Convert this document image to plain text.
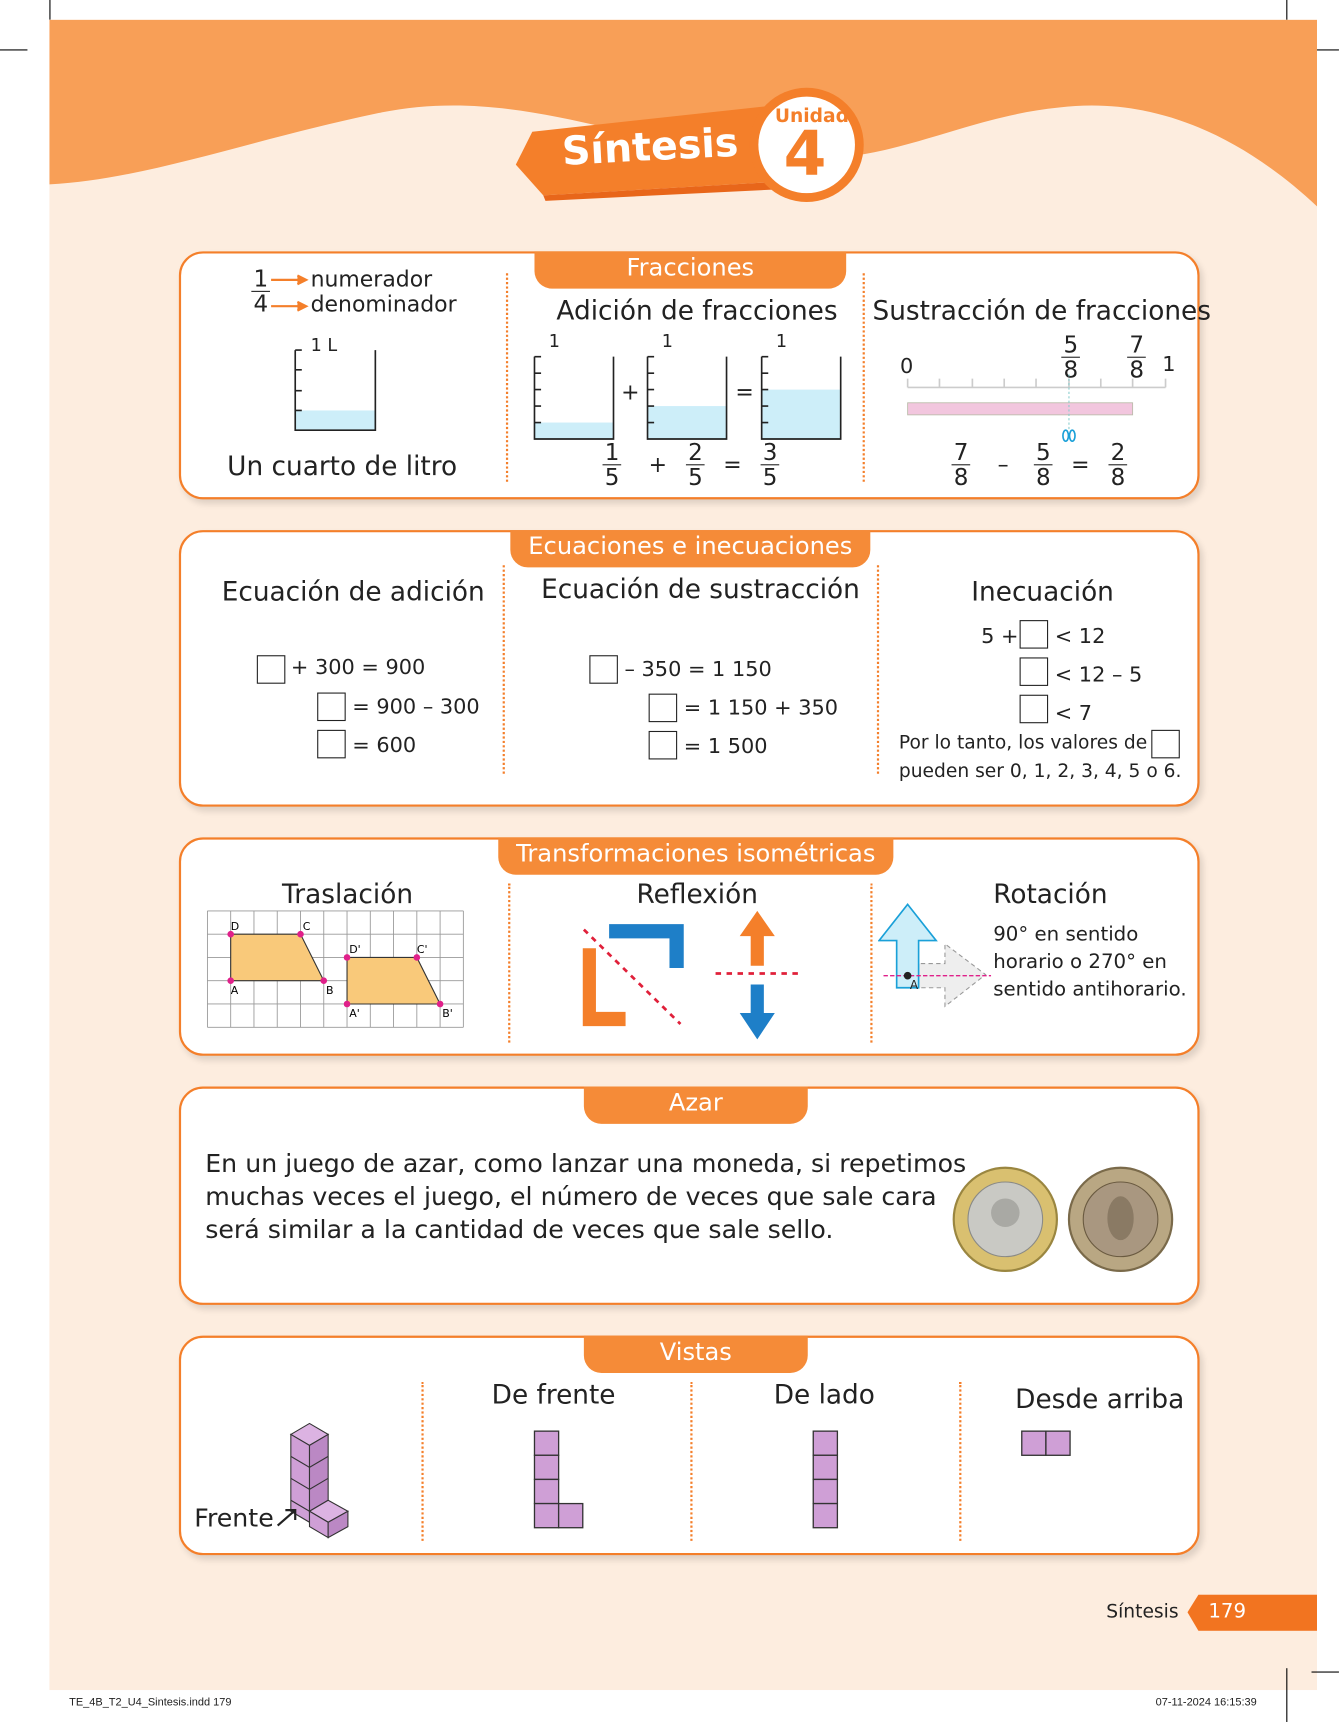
Síntesis
Unidad
4
Fracciones
$\frac{1}{4}$ numerador
denominador
1 L
Un cuarto de litro
Adición de fracciones
1	1	1
+	=
$\frac{1}{5} + \frac{2}{5} = \frac{3}{5}$
Sustracción de fracciones
0	1
$\frac{5}{8} \frac{7}{8}$
$\frac{7}{8} - \frac{5}{8} = \frac{2}{8}$
Ecuaciones e inecuaciones
Ecuación de adición
+ 300 = 900
= 900 – 300
= 600
Ecuación de sustracción
– 350 = 1 150
= 1 150 + 350
= 1 500
Inecuación
5 + < 12
< 12 – 5
< 7
Por lo tanto, los valores de
pueden ser 0, 1, 2, 3, 4, 5 o 6.
Transformaciones isométricas
Traslación
A	B
C
D
A'	B'
C'
D'
Reflexión
A
Rotación
90° en sentido
horario o 270° en
sentido antihorario.
Azar
En un juego de azar, como lanzar una moneda, si repetimos
muchas veces el juego, el número de veces que sale cara
será similar a la cantidad de veces que sale sello.
Vistas
Frente
De frente	De lado	Desde arriba
Síntesis 179
TE_4B_T2_U4_Sintesis.indd 179	07-11-2024 16:15:39
